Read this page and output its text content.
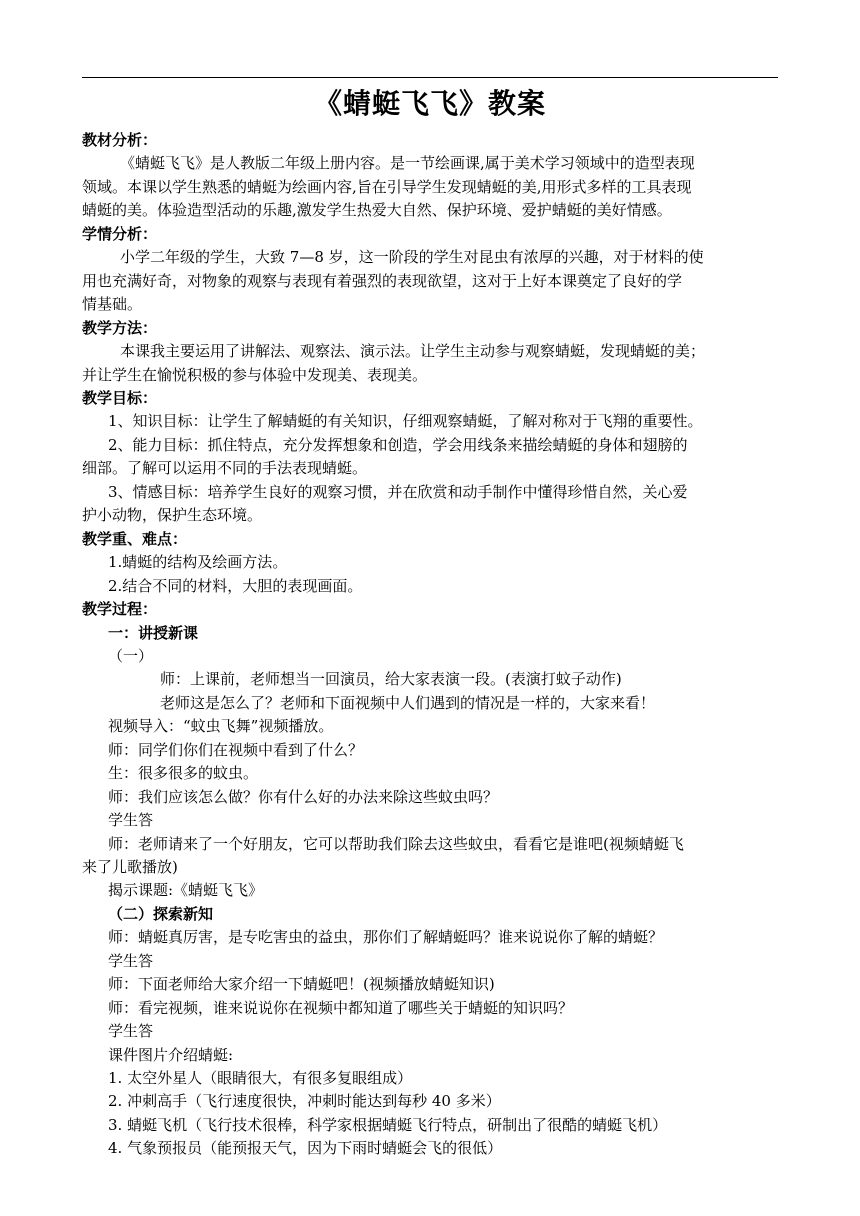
《蜻蜓飞飞》教案
教材分析：
《蜻蜓飞飞》是人教版二年级上册内容。是一节绘画课,属于美术学习领域中的造型表现
领域。本课以学生熟悉的蜻蜓为绘画内容,旨在引导学生发现蜻蜓的美,用形式多样的工具表现
蜻蜓的美。体验造型活动的乐趣,激发学生热爱大自然、保护环境、爱护蜻蜓的美好情感。
学情分析：
小学二年级的学生，大致 7—8 岁，这一阶段的学生对昆虫有浓厚的兴趣，对于材料的使
用也充满好奇，对物象的观察与表现有着强烈的表现欲望，这对于上好本课奠定了良好的学
情基础。
教学方法：
本课我主要运用了讲解法、观察法、演示法。让学生主动参与观察蜻蜓，发现蜻蜓的美；
并让学生在愉悦积极的参与体验中发现美、表现美。
教学目标：
1、知识目标：让学生了解蜻蜓的有关知识，仔细观察蜻蜓，了解对称对于飞翔的重要性。
2、能力目标：抓住特点，充分发挥想象和创造，学会用线条来描绘蜻蜓的身体和翅膀的
细部。了解可以运用不同的手法表现蜻蜓。
3、情感目标：培养学生良好的观察习惯，并在欣赏和动手制作中懂得珍惜自然，关心爱
护小动物，保护生态环境。
教学重、难点：
1.蜻蜓的结构及绘画方法。
2.结合不同的材料，大胆的表现画面。
教学过程：
一：讲授新课
（一）
师：上课前，老师想当一回演员，给大家表演一段。(表演打蚊子动作)
老师这是怎么了？老师和下面视频中人们遇到的情况是一样的，大家来看！
视频导入：“蚊虫飞舞”视频播放。
师：同学们你们在视频中看到了什么？
生：很多很多的蚊虫。
师：我们应该怎么做？你有什么好的办法来除这些蚊虫吗？
学生答
师：老师请来了一个好朋友，它可以帮助我们除去这些蚊虫，看看它是谁吧(视频蜻蜓飞
来了儿歌播放)
揭示课题:《蜻蜓飞飞》
（二）探索新知
师：蜻蜓真厉害，是专吃害虫的益虫，那你们了解蜻蜓吗？谁来说说你了解的蜻蜓？
学生答
师：下面老师给大家介绍一下蜻蜓吧！(视频播放蜻蜓知识)
师：看完视频，谁来说说你在视频中都知道了哪些关于蜻蜓的知识吗？
学生答
课件图片介绍蜻蜓:
1. 太空外星人（眼睛很大，有很多复眼组成）
2. 冲刺高手（飞行速度很快，冲刺时能达到每秒 40 多米）
3. 蜻蜓飞机（飞行技术很棒，科学家根据蜻蜓飞行特点，研制出了很酷的蜻蜓飞机）
4. 气象预报员（能预报天气，因为下雨时蜻蜓会飞的很低）
